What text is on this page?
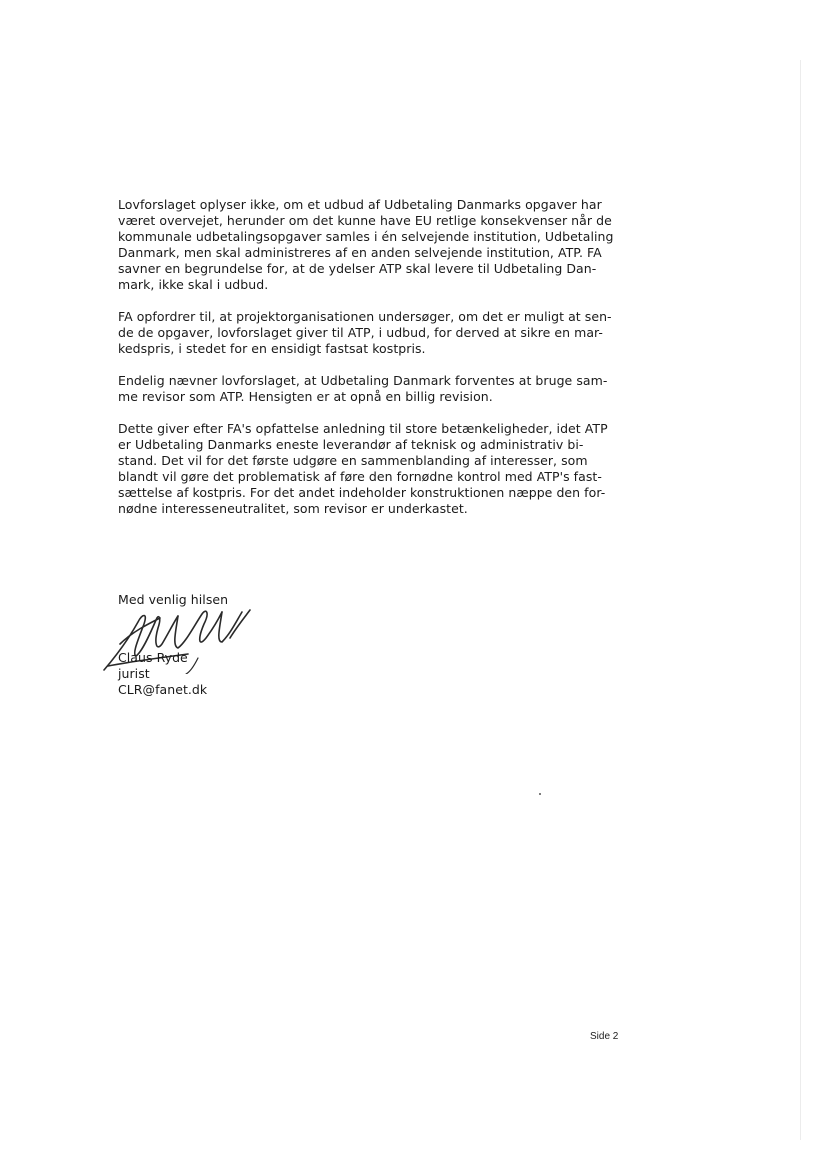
Lovforslaget oplyser ikke, om et udbud af Udbetaling Danmarks opgaver har
været overvejet, herunder om det kunne have EU retlige konsekvenser når de
kommunale udbetalingsopgaver samles i én selvejende institution, Udbetaling
Danmark, men skal administreres af en anden selvejende institution, ATP. FA
savner en begrundelse for, at de ydelser ATP skal levere til Udbetaling Dan-
mark, ikke skal i udbud.

FA opfordrer til, at projektorganisationen undersøger, om det er muligt at sen-
de de opgaver, lovforslaget giver til ATP, i udbud, for derved at sikre en mar-
kedspris, i stedet for en ensidigt fastsat kostpris.

Endelig nævner lovforslaget, at Udbetaling Danmark forventes at bruge sam-
me revisor som ATP. Hensigten er at opnå en billig revision.

Dette giver efter FA's opfattelse anledning til store betænkeligheder, idet ATP
er Udbetaling Danmarks eneste leverandør af teknisk og administrativ bi-
stand. Det vil for det første udgøre en sammenblanding af interesser, som
blandt vil gøre det problematisk af føre den fornødne kontrol med ATP's fast-
sættelse af kostpris. For det andet indeholder konstruktionen næppe den for-
nødne interesseneutralitet, som revisor er underkastet.

Med venlig hilsen
Claus Ryde
jurist
CLR@fanet.dk
Side 2
